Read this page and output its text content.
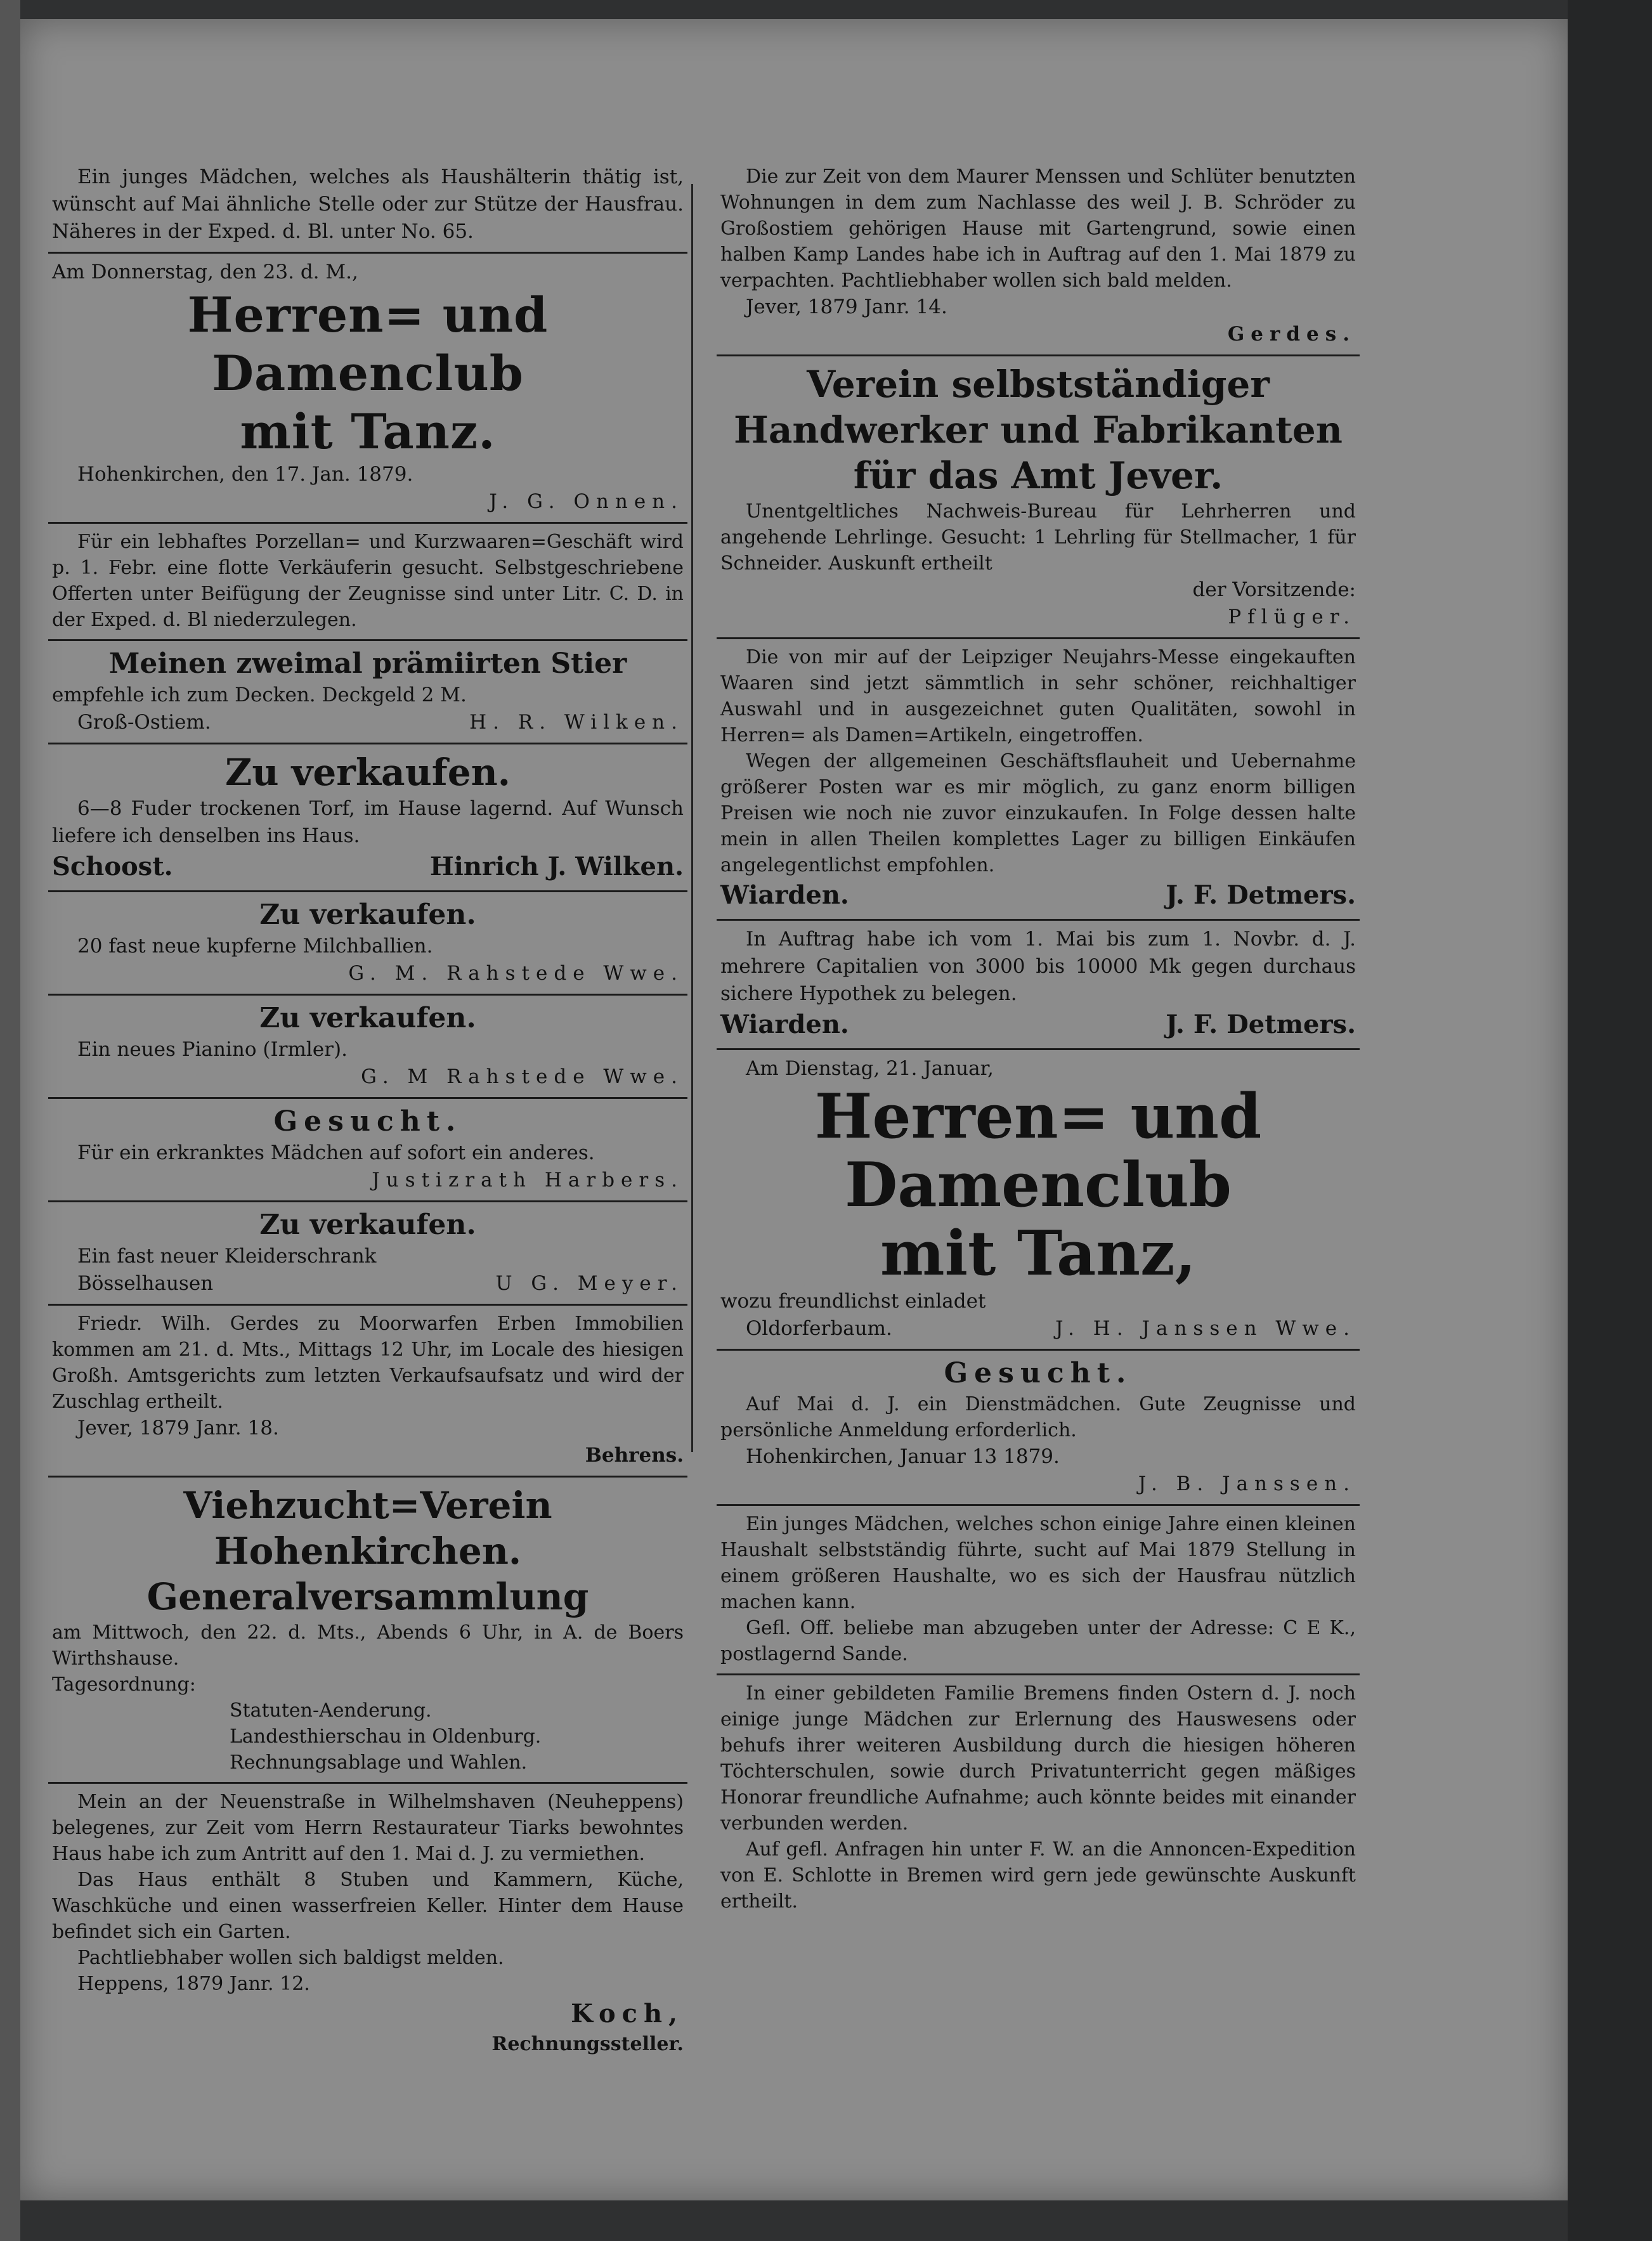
Ein junges Mädchen, welches als Haushälterin thätig ist, wünscht auf Mai ähnliche Stelle oder zur Stütze der Hausfrau. Näheres in der Exped. d. Bl. unter No. 65.

Am Donnerstag, den 23. d. M.,

Herren= und Damenclub
mit Tanz.

Hohenkirchen, den 17. Jan. 1879.

J. G. Onnen.

Für ein lebhaftes Porzellan= und Kurzwaaren=Geschäft wird p. 1. Febr. eine flotte Verkäuferin gesucht. Selbstgeschriebene Offerten unter Beifügung der Zeugnisse sind unter Litr. C. D. in der Exped. d. Bl niederzulegen.

Meinen zweimal prämiirten Stier

empfehle ich zum Decken. Deckgeld 2 M.

Groß-Ostiem.	H. R. Wilken.

Zu verkaufen.

6—8 Fuder trockenen Torf, im Hause lagernd. Auf Wunsch liefere ich denselben ins Haus.

Schoost.	Hinrich J. Wilken.

Zu verkaufen.

20 fast neue kupferne Milchballien.

G. M. Rahstede Wwe.

Zu verkaufen.

Ein neues Pianino (Irmler).

G. M Rahstede Wwe.

Gesucht.

Für ein erkranktes Mädchen auf sofort ein anderes.

Justizrath Harbers.

Zu verkaufen.

Ein fast neuer Kleiderschrank

Bösselhausen	U G. Meyer.

Friedr. Wilh. Gerdes zu Moorwarfen Erben Immobilien kommen am 21. d. Mts., Mittags 12 Uhr, im Locale des hiesigen Großh. Amtsgerichts zum letzten Verkaufsaufsatz und wird der Zuschlag ertheilt.

Jever, 1879 Janr. 18.

Behrens.

Viehzucht=Verein Hohenkirchen.
Generalversammlung

am Mittwoch, den 22. d. Mts., Abends 6 Uhr, in A. de Boers Wirthshause.

Tagesordnung:

Statuten-Aenderung.

Landesthierschau in Oldenburg.

Rechnungsablage und Wahlen.

Mein an der Neuenstraße in Wilhelmshaven (Neuheppens) belegenes, zur Zeit vom Herrn Restaurateur Tiarks bewohntes Haus habe ich zum Antritt auf den 1. Mai d. J. zu vermiethen.

Das Haus enthält 8 Stuben und Kammern, Küche, Waschküche und einen wasserfreien Keller. Hinter dem Hause befindet sich ein Garten.

Pachtliebhaber wollen sich baldigst melden.

Heppens, 1879 Janr. 12.

Koch,

Rechnungssteller.

Die zur Zeit von dem Maurer Menssen und Schlüter benutzten Wohnungen in dem zum Nachlasse des weil J. B. Schröder zu Großostiem gehörigen Hause mit Gartengrund, sowie einen halben Kamp Landes habe ich in Auftrag auf den 1. Mai 1879 zu verpachten. Pachtliebhaber wollen sich bald melden.

Jever, 1879 Janr. 14.

Gerdes.

Verein selbstständiger Handwerker und Fabrikanten für das Amt Jever.

Unentgeltliches Nachweis-Bureau für Lehrherren und angehende Lehrlinge. Gesucht: 1 Lehrling für Stellmacher, 1 für Schneider. Auskunft ertheilt

der Vorsitzende:

Pflüger.

Die von mir auf der Leipziger Neujahrs-Messe eingekauften Waaren sind jetzt sämmtlich in sehr schöner, reichhaltiger Auswahl und in ausgezeichnet guten Qualitäten, sowohl in Herren= als Damen=Artikeln, eingetroffen.

Wegen der allgemeinen Geschäftsflauheit und Uebernahme größerer Posten war es mir möglich, zu ganz enorm billigen Preisen wie noch nie zuvor einzukaufen. In Folge dessen halte mein in allen Theilen komplettes Lager zu billigen Einkäufen angelegentlichst empfohlen.

Wiarden.	J. F. Detmers.

In Auftrag habe ich vom 1. Mai bis zum 1. Novbr. d. J. mehrere Capitalien von 3000 bis 10000 Mk gegen durchaus sichere Hypothek zu belegen.

Wiarden.	J. F. Detmers.

Am Dienstag, 21. Januar,

Herren= und Damenclub
mit Tanz,

wozu freundlichst einladet

Oldorferbaum.	J. H. Janssen Wwe.

Gesucht.

Auf Mai d. J. ein Dienstmädchen. Gute Zeugnisse und persönliche Anmeldung erforderlich.

Hohenkirchen, Januar 13 1879.

J. B. Janssen.

Ein junges Mädchen, welches schon einige Jahre einen kleinen Haushalt selbstständig führte, sucht auf Mai 1879 Stellung in einem größeren Haushalte, wo es sich der Hausfrau nützlich machen kann.

Gefl. Off. beliebe man abzugeben unter der Adresse: C E K., postlagernd Sande.

In einer gebildeten Familie Bremens finden Ostern d. J. noch einige junge Mädchen zur Erlernung des Hauswesens oder behufs ihrer weiteren Ausbildung durch die hiesigen höheren Töchterschulen, sowie durch Privatunterricht gegen mäßiges Honorar freundliche Aufnahme; auch könnte beides mit einander verbunden werden.

Auf gefl. Anfragen hin unter F. W. an die Annoncen-Expedition von E. Schlotte in Bremen wird gern jede gewünschte Auskunft ertheilt.
